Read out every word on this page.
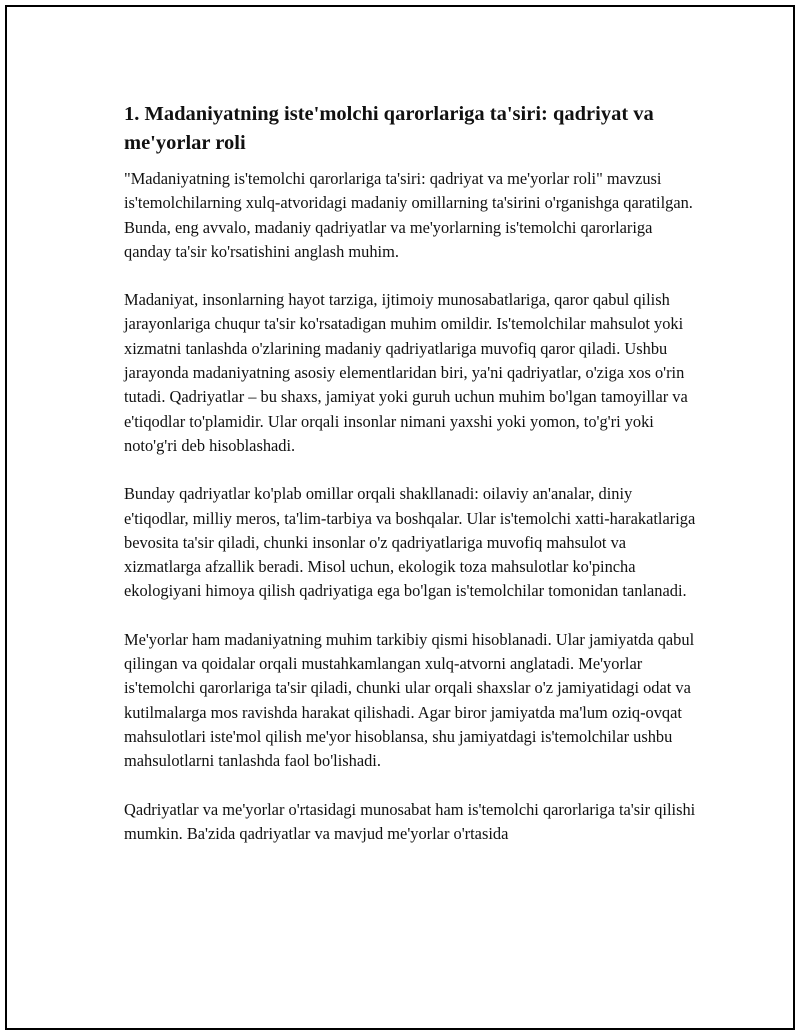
1. Madaniyatning iste'molchi qarorlariga ta'siri: qadriyat va me'yorlar roli

"Madaniyatning is'temolchi qarorlariga ta'siri: qadriyat va me'yorlar roli" mavzusi is'temolchilarning xulq-atvoridagi madaniy omillarning ta'sirini o'rganishga qaratilgan. Bunda, eng avvalo, madaniy qadriyatlar va me'yorlarning is'temolchi qarorlariga qanday ta'sir ko'rsatishini anglash muhim.

Madaniyat, insonlarning hayot tarziga, ijtimoiy munosabatlariga, qaror qabul qilish jarayonlariga chuqur ta'sir ko'rsatadigan muhim omildir. Is'temolchilar mahsulot yoki xizmatni tanlashda o'zlarining madaniy qadriyatlariga muvofiq qaror qiladi. Ushbu jarayonda madaniyatning asosiy elementlaridan biri, ya'ni qadriyatlar, o'ziga xos o'rin tutadi. Qadriyatlar – bu shaxs, jamiyat yoki guruh uchun muhim bo'lgan tamoyillar va e'tiqodlar to'plamidir. Ular orqali insonlar nimani yaxshi yoki yomon, to'g'ri yoki noto'g'ri deb hisoblashadi.

Bunday qadriyatlar ko'plab omillar orqali shakllanadi: oilaviy an'analar, diniy e'tiqodlar, milliy meros, ta'lim-tarbiya va boshqalar. Ular is'temolchi xatti-harakatlariga bevosita ta'sir qiladi, chunki insonlar o'z qadriyatlariga muvofiq mahsulot va xizmatlarga afzallik beradi. Misol uchun, ekologik toza mahsulotlar ko'pincha ekologiyani himoya qilish qadriyatiga ega bo'lgan is'temolchilar tomonidan tanlanadi.

Me'yorlar ham madaniyatning muhim tarkibiy qismi hisoblanadi. Ular jamiyatda qabul qilingan va qoidalar orqali mustahkamlangan xulq-atvorni anglatadi. Me'yorlar is'temolchi qarorlariga ta'sir qiladi, chunki ular orqali shaxslar o'z jamiyatidagi odat va kutilmalarga mos ravishda harakat qilishadi. Agar biror jamiyatda ma'lum oziq-ovqat mahsulotlari iste'mol qilish me'yor hisoblansa, shu jamiyatdagi is'temolchilar ushbu mahsulotlarni tanlashda faol bo'lishadi.

Qadriyatlar va me'yorlar o'rtasidagi munosabat ham is'temolchi qarorlariga ta'sir qilishi mumkin. Ba'zida qadriyatlar va mavjud me'yorlar o'rtasida
